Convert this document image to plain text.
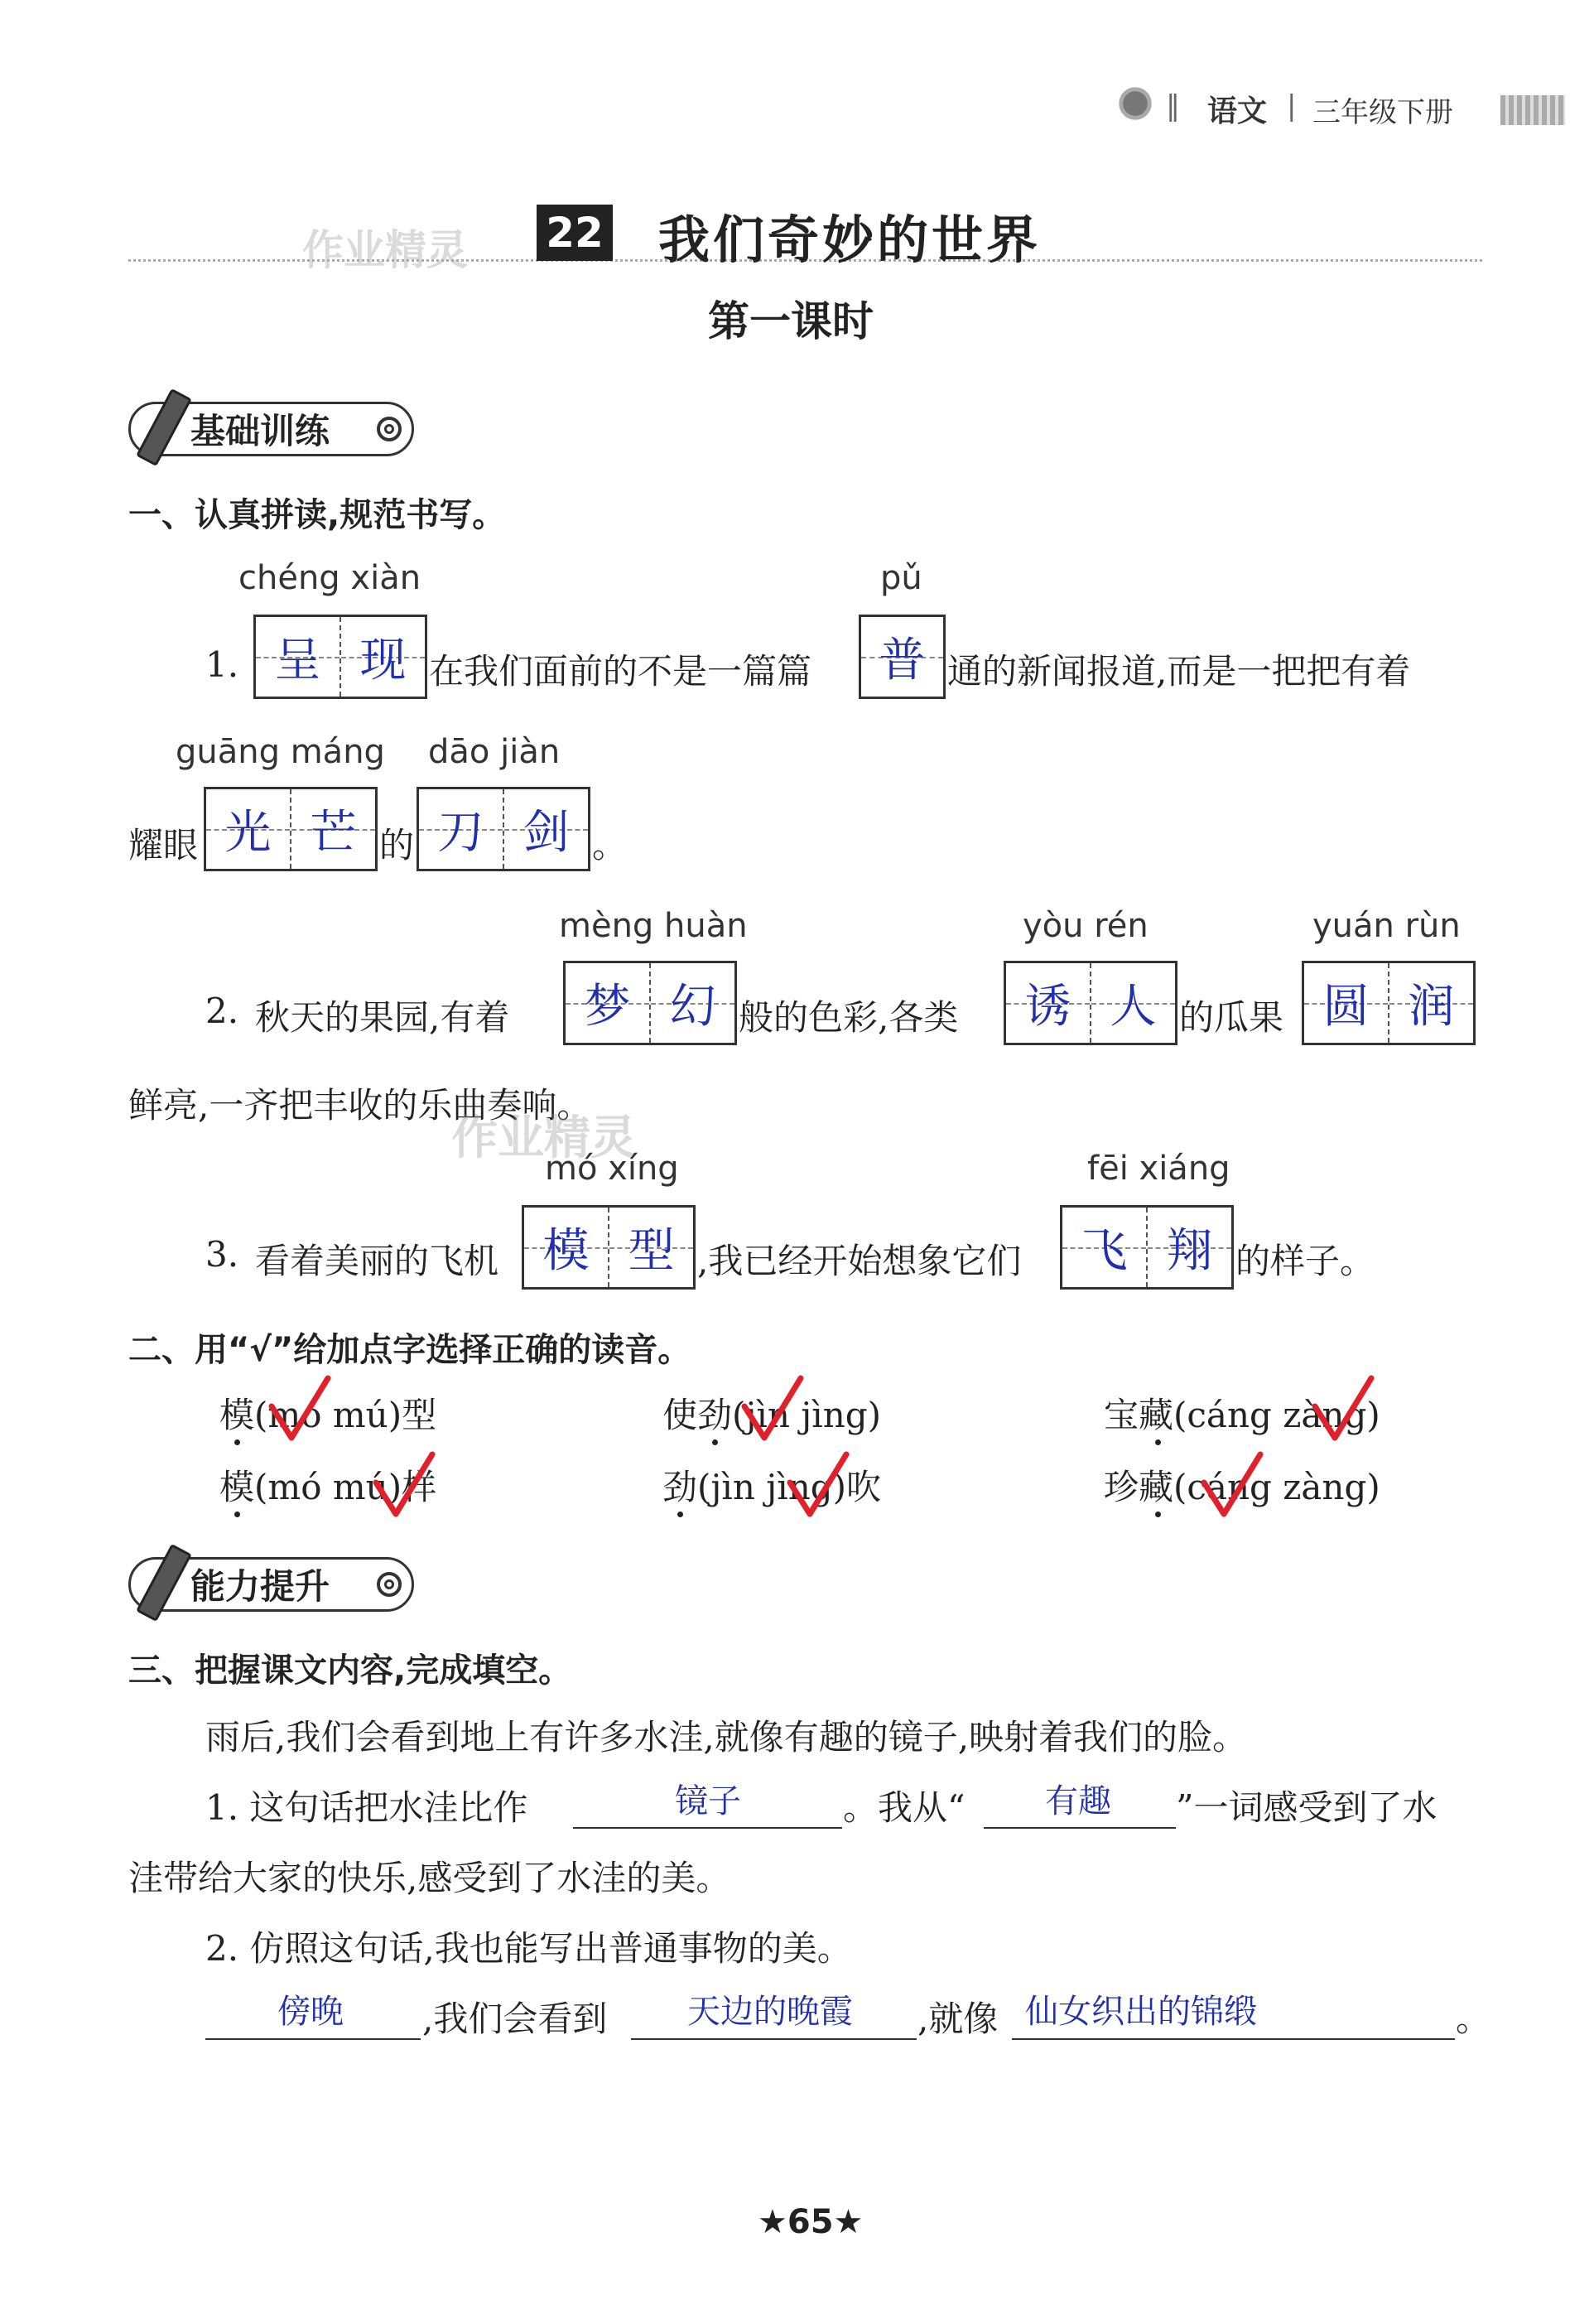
‖ 语文 | 三年级下册
作业精灵 22 我们奇妙的世界
第一课时
基础训练
一、认真拼读,规范书写。
chéng xiàn	pǔ
1. 呈 现 在我们面前的不是一篇篇 普 通的新闻报道,而是一把把有着
guāng máng dāo jiàn
耀眼 光 芒 的 刀 剑 。
mèng huàn	yòu rén	yuán rùn
2. 秋天的果园,有着 梦 幻 般的色彩,各类 诱 人 的瓜果 圆 润
鲜亮,一齐把丰收的乐曲奏响。
作业精灵
mó xíng	fēi xiáng
3. 看着美丽的飞机 模 型 ,我已经开始想象它们 飞 翔 的样子。
二、用“√”给加点字选择正确的读音。
模(mó mú)型	使劲(jìn jìng)	宝藏(cáng zàng)
模(mó mú)样	劲(jìn jìng)吹	珍藏(cáng zàng)
能力提升
三、把握课文内容,完成填空。
雨后,我们会看到地上有许多水洼,就像有趣的镜子,映射着我们的脸。
1. 这句话把水洼比作	镜子	。我从“ 有趣 ”一词感受到了水
洼带给大家的快乐,感受到了水洼的美。
2. 仿照这句话,我也能写出普通事物的美。
傍晚 ,我们会看到 天边的晚霞 ,就像 仙女织出的锦缎	。
★65★
